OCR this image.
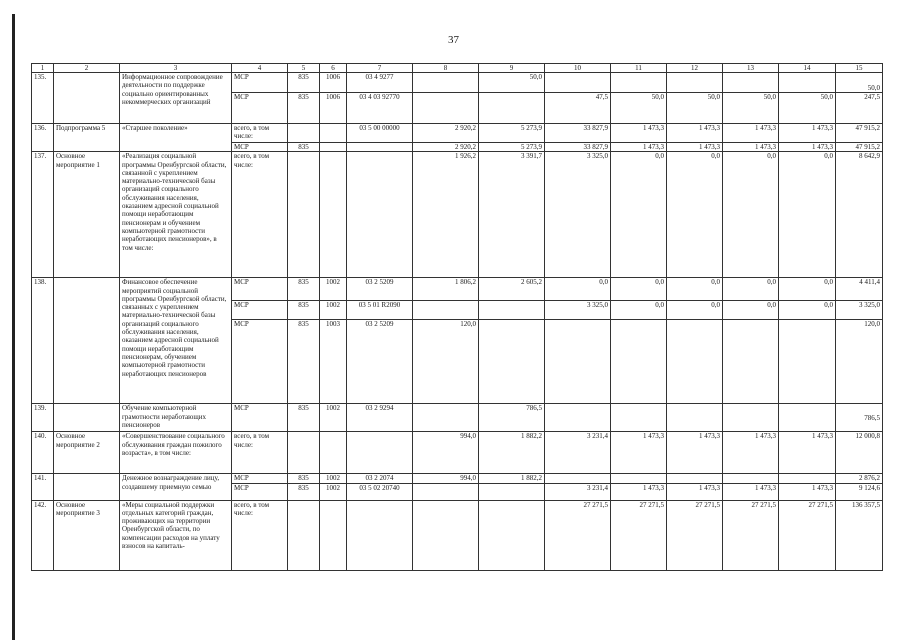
37
1	2	3	4	5	6	7	8	9	10	11	12	13	14	15
135.		Информационное сопровождение деятельности по поддержке социально ориентированных некоммерческих организаций	МСР	835	1006	03 4 9277		50,0						50,0
			МСР	835	1006	03 4 03 92770			47,5	50,0	50,0	50,0	50,0	247,5
136.	Подпрограмма 5	«Старшее поколение»	всего, в том числе:			03 5 00 00000	2 920,2	5 273,9	33 827,9	1 473,3	1 473,3	1 473,3	1 473,3	47 915,2
			МСР	835			2 920,2	5 273,9	33 827,9	1 473,3	1 473,3	1 473,3	1 473,3	47 915,2
137.	Основное мероприятие 1	«Реализация социальной программы Оренбургской области, связанной с укреплением материально-технической базы организаций социального обслуживания населения, оказанием адресной социальной помощи неработающим пенсионерам и обучением компьютерной грамотности неработающих пенсионеров», в том числе:	всего, в том числе:				1 926,2	3 391,7	3 325,0	0,0	0,0	0,0	0,0	8 642,9
138.		Финансовое обеспечение мероприятий социальной программы Оренбургской области, связанных с укреплением материально-технической базы организаций социального обслуживания населения, оказанием адресной социальной помощи неработающим пенсионерам, обучением компьютерной грамотности неработающих пенсионеров	МСР	835	1002	03 2 5209	1 806,2	2 605,2	0,0	0,0	0,0	0,0	0,0	4 411,4
			МСР	835	1002	03 5 01 R2090			3 325,0	0,0	0,0	0,0	0,0	3 325,0
			МСР	835	1003	03 2 5209	120,0							120,0
139.		Обучение компьютерной грамотности неработающих пенсионеров	МСР	835	1002	03 2 9294		786,5						786,5
140.	Основное мероприятие 2	«Совершенствование социального обслуживания граждан пожилого возраста», в том числе:	всего, в том числе:				994,0	1 882,2	3 231,4	1 473,3	1 473,3	1 473,3	1 473,3	12 000,8
141.		Денежное вознаграждение лицу, создавшему приемную семью	МСР	835	1002	03 2 2074	994,0	1 882,2						2 876,2
			МСР	835	1002	03 5 02 20740			3 231,4	1 473,3	1 473,3	1 473,3	1 473,3	9 124,6
142.	Основное мероприятие 3	«Меры социальной поддержки отдельных категорий граждан, проживающих на территории Оренбургской области, по компенсации расходов на уплату взносов на капиталь-	всего, в том числе:						27 271,5	27 271,5	27 271,5	27 271,5	27 271,5	136 357,5
